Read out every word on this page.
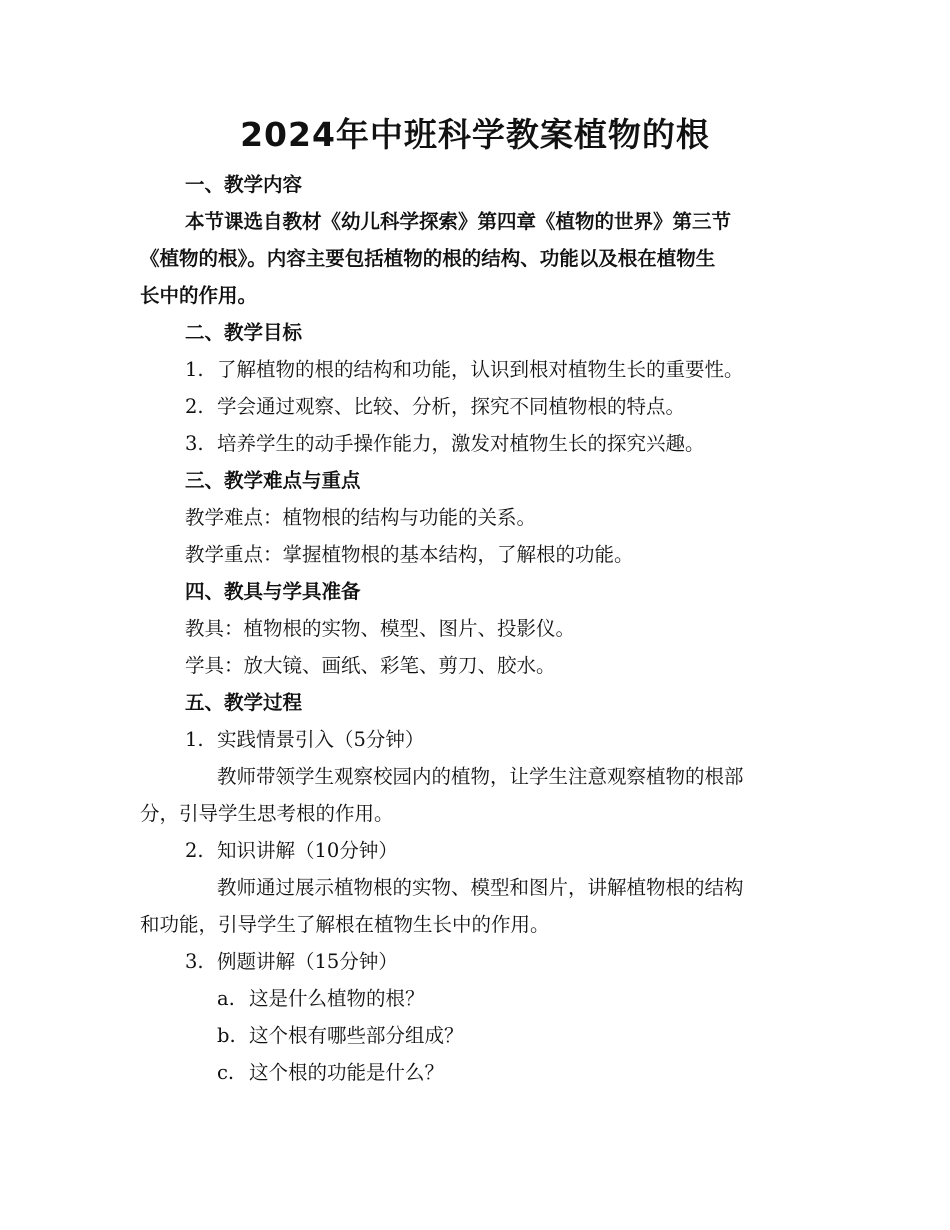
2024年中班科学教案植物的根
一、教学内容
本节课选自教材《幼儿科学探索》第四章《植物的世界》第三节
《植物的根》。内容主要包括植物的根的结构、功能以及根在植物生
长中的作用。
二、教学目标
1. 了解植物的根的结构和功能，认识到根对植物生长的重要性。
2. 学会通过观察、比较、分析，探究不同植物根的特点。
3. 培养学生的动手操作能力，激发对植物生长的探究兴趣。
三、教学难点与重点
教学难点：植物根的结构与功能的关系。
教学重点：掌握植物根的基本结构，了解根的功能。
四、教具与学具准备
教具：植物根的实物、模型、图片、投影仪。
学具：放大镜、画纸、彩笔、剪刀、胶水。
五、教学过程
1. 实践情景引入（5分钟）
教师带领学生观察校园内的植物，让学生注意观察植物的根部
分，引导学生思考根的作用。
2. 知识讲解（10分钟）
教师通过展示植物根的实物、模型和图片，讲解植物根的结构
和功能，引导学生了解根在植物生长中的作用。
3. 例题讲解（15分钟）
a. 这是什么植物的根？
b. 这个根有哪些部分组成？
c. 这个根的功能是什么？
